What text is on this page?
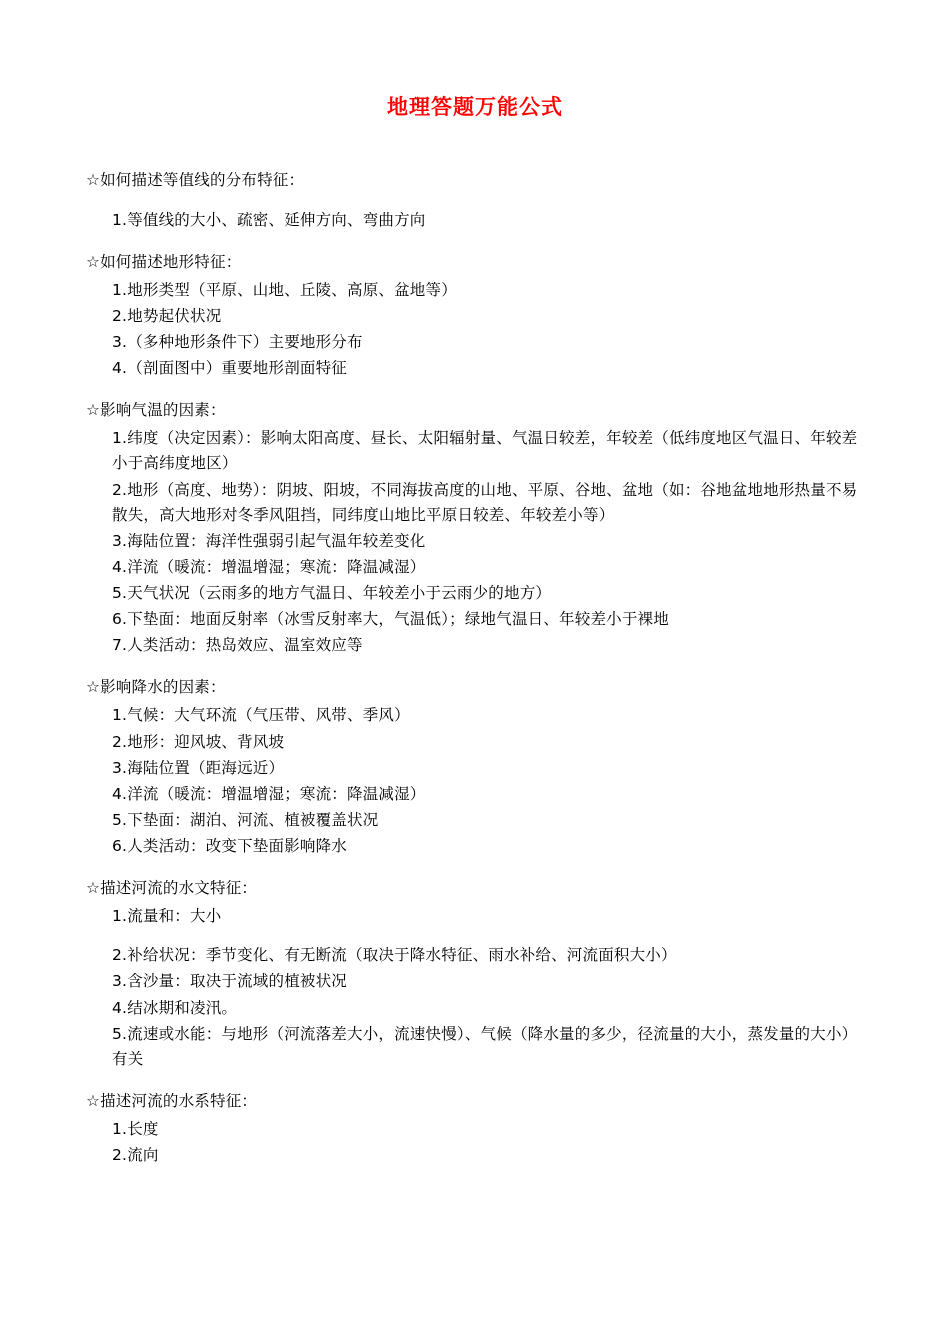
地理答题万能公式

☆如何描述等值线的分布特征：

1.等值线的大小、疏密、延伸方向、弯曲方向

☆如何描述地形特征：

1.地形类型（平原、山地、丘陵、高原、盆地等）

2.地势起伏状况

3.（多种地形条件下）主要地形分布

4.（剖面图中）重要地形剖面特征

☆影响气温的因素：

1.纬度（决定因素）：影响太阳高度、昼长、太阳辐射量、气温日较差，年较差（低纬度地区气温日、年较差小于高纬度地区）

2.地形（高度、地势）：阴坡、阳坡，不同海拔高度的山地、平原、谷地、盆地（如：谷地盆地地形热量不易散失，高大地形对冬季风阻挡，同纬度山地比平原日较差、年较差小等）

3.海陆位置：海洋性强弱引起气温年较差变化

4.洋流（暖流：增温增湿；寒流：降温减湿）

5.天气状况（云雨多的地方气温日、年较差小于云雨少的地方）

6.下垫面：地面反射率（冰雪反射率大，气温低）；绿地气温日、年较差小于裸地

7.人类活动：热岛效应、温室效应等

☆影响降水的因素：

1.气候：大气环流（气压带、风带、季风）

2.地形：迎风坡、背风坡

3.海陆位置（距海远近）

4.洋流（暖流：增温增湿；寒流：降温减湿）

5.下垫面：湖泊、河流、植被覆盖状况

6.人类活动：改变下垫面影响降水

☆描述河流的水文特征：

1.流量和：大小

2.补给状况：季节变化、有无断流（取决于降水特征、雨水补给、河流面积大小）

3.含沙量：取决于流域的植被状况

4.结冰期和凌汛。

5.流速或水能：与地形（河流落差大小，流速快慢）、气候（降水量的多少，径流量的大小，蒸发量的大小）有关

☆描述河流的水系特征：

1.长度

2.流向
